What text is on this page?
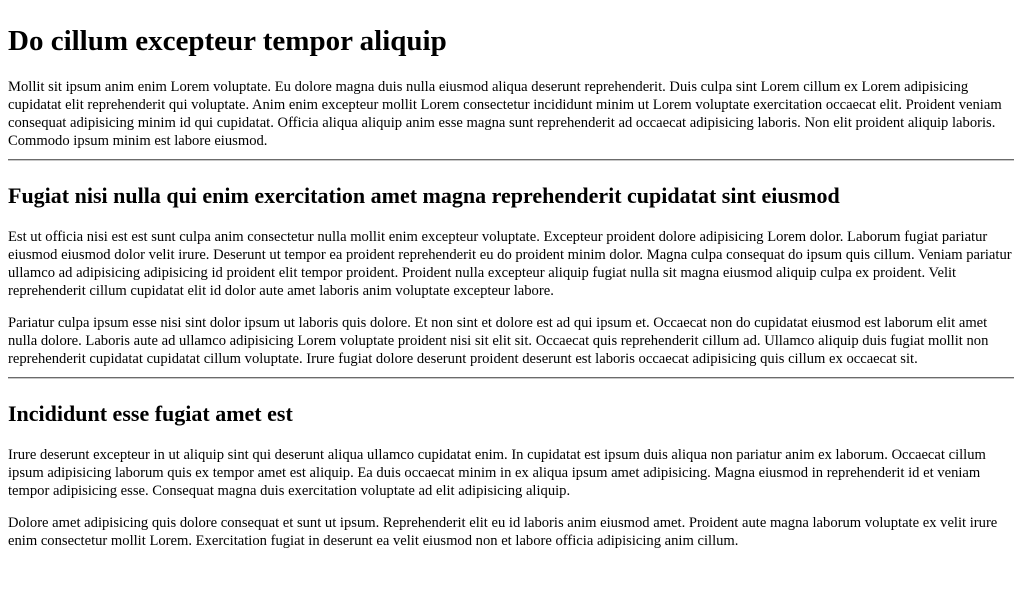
Do cillum excepteur tempor aliquip

Mollit sit ipsum anim enim Lorem voluptate. Eu dolore magna duis nulla eiusmod aliqua deserunt reprehenderit. Duis culpa sint Lorem cillum ex Lorem adipisicing cupidatat elit reprehenderit qui voluptate. Anim enim excepteur mollit Lorem consectetur incididunt minim ut Lorem voluptate exercitation occaecat elit. Proident veniam consequat adipisicing minim id qui cupidatat. Officia aliqua aliquip anim esse magna sunt reprehenderit ad occaecat adipisicing laboris. Non elit proident aliquip laboris. Commodo ipsum minim est labore eiusmod.

Fugiat nisi nulla qui enim exercitation amet magna reprehenderit cupidatat sint eiusmod

Est ut officia nisi est est sunt culpa anim consectetur nulla mollit enim excepteur voluptate. Excepteur proident dolore adipisicing Lorem dolor. Laborum fugiat pariatur eiusmod eiusmod dolor velit irure. Deserunt ut tempor ea proident reprehenderit eu do proident minim dolor. Magna culpa consequat do ipsum quis cillum. Veniam pariatur ullamco ad adipisicing adipisicing id proident elit tempor proident. Proident nulla excepteur aliquip fugiat nulla sit magna eiusmod aliquip culpa ex proident. Velit reprehenderit cillum cupidatat elit id dolor aute amet laboris anim voluptate excepteur labore.

Pariatur culpa ipsum esse nisi sint dolor ipsum ut laboris quis dolore. Et non sint et dolore est ad qui ipsum et. Occaecat non do cupidatat eiusmod est laborum elit amet nulla dolore. Laboris aute ad ullamco adipisicing Lorem voluptate proident nisi sit elit sit. Occaecat quis reprehenderit cillum ad. Ullamco aliquip duis fugiat mollit non reprehenderit cupidatat cupidatat cillum voluptate. Irure fugiat dolore deserunt proident deserunt est laboris occaecat adipisicing quis cillum ex occaecat sit.

Incididunt esse fugiat amet est

Irure deserunt excepteur in ut aliquip sint qui deserunt aliqua ullamco cupidatat enim. In cupidatat est ipsum duis aliqua non pariatur anim ex laborum. Occaecat cillum ipsum adipisicing laborum quis ex tempor amet est aliquip. Ea duis occaecat minim in ex aliqua ipsum amet adipisicing. Magna eiusmod in reprehenderit id et veniam tempor adipisicing esse. Consequat magna duis exercitation voluptate ad elit adipisicing aliquip.

Dolore amet adipisicing quis dolore consequat et sunt ut ipsum. Reprehenderit elit eu id laboris anim eiusmod amet. Proident aute magna laborum voluptate ex velit irure enim consectetur mollit Lorem. Exercitation fugiat in deserunt ea velit eiusmod non et labore officia adipisicing anim cillum.
